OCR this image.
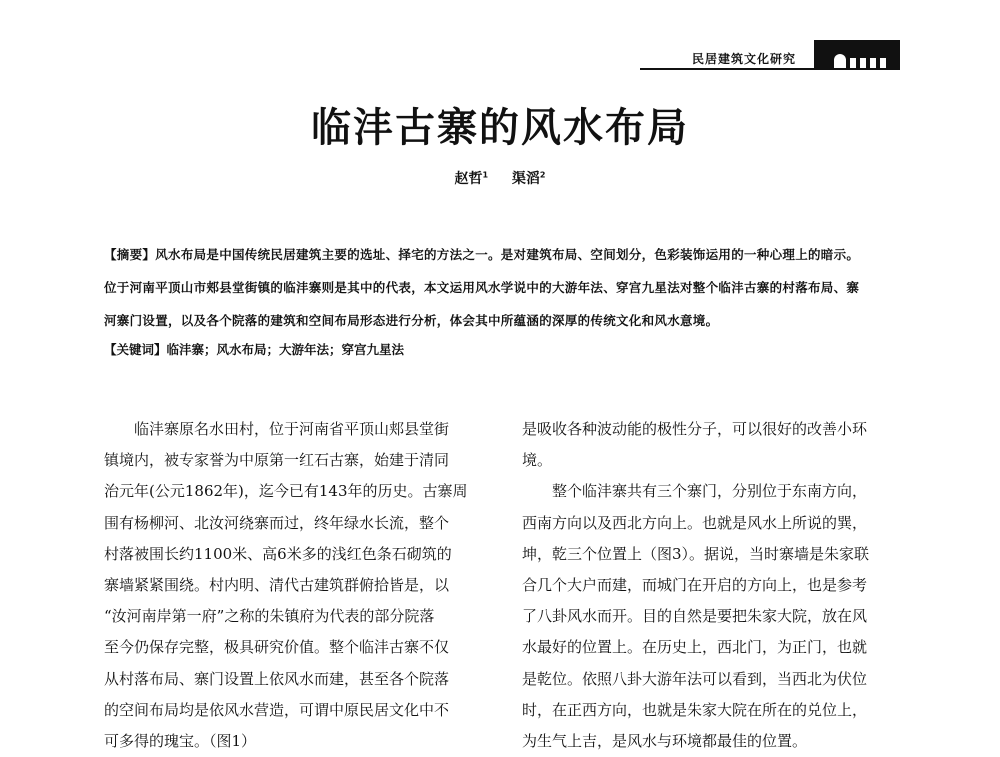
民居建筑文化研究
临沣古寨的风水布局
赵哲$^1$ 渠滔$^2$
【摘要】风水布局是中国传统民居建筑主要的选址、择宅的方法之一。是对建筑布局、空间划分，色彩装饰运用的一种心理上的暗示。
位于河南平顶山市郏县堂街镇的临沣寨则是其中的代表，本文运用风水学说中的大游年法、穿宫九星法对整个临沣古寨的村落布局、寨
河寨门设置，以及各个院落的建筑和空间布局形态进行分析，体会其中所蕴涵的深厚的传统文化和风水意境。
【关键词】临沣寨；风水布局；大游年法；穿宫九星法
临沣寨原名水田村，位于河南省平顶山郏县堂街
镇境内，被专家誉为中原第一红石古寨，始建于清同
治元年(公元1862年)，迄今已有143年的历史。古寨周
围有杨柳河、北汝河绕寨而过，终年绿水长流，整个
村落被围长约1100米、高6米多的浅红色条石砌筑的
寨墙紧紧围绕。村内明、清代古建筑群俯拾皆是，以
“汝河南岸第一府”之称的朱镇府为代表的部分院落
至今仍保存完整，极具研究价值。整个临沣古寨不仅
从村落布局、寨门设置上依风水而建，甚至各个院落
的空间布局均是依风水营造，可谓中原民居文化中不
可多得的瑰宝。（图1）
是吸收各种波动能的极性分子，可以很好的改善小环
境。
整个临沣寨共有三个寨门，分别位于东南方向，
西南方向以及西北方向上。也就是风水上所说的巽，
坤，乾三个位置上（图3）。据说，当时寨墙是朱家联
合几个大户而建，而城门在开启的方向上，也是参考
了八卦风水而开。目的自然是要把朱家大院，放在风
水最好的位置上。在历史上，西北门，为正门，也就
是乾位。依照八卦大游年法可以看到，当西北为伏位
时，在正西方向，也就是朱家大院在所在的兑位上，
为生气上吉，是风水与环境都最佳的位置。
